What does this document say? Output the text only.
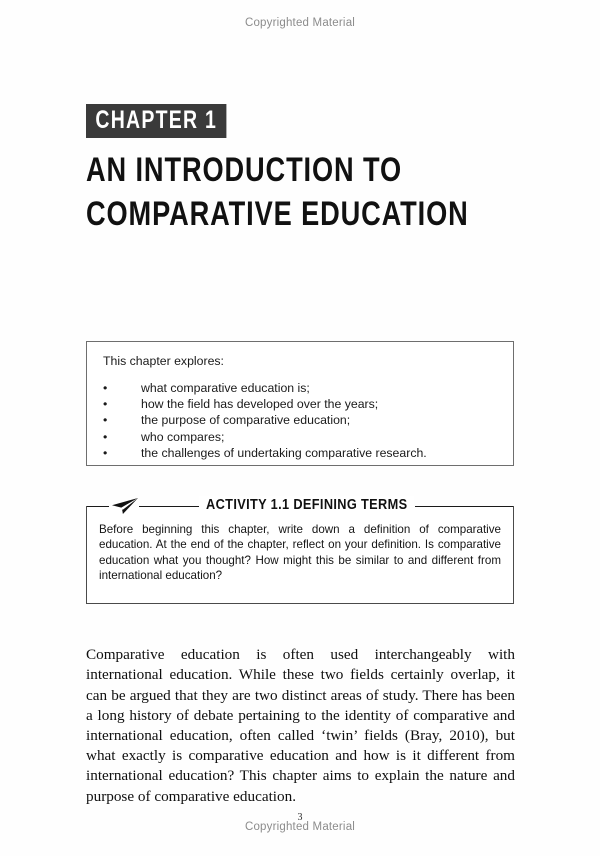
Copyrighted Material
CHAPTER 1
AN INTRODUCTION TO
COMPARATIVE EDUCATION
This chapter explores:
•	what comparative education is;
•	how the field has developed over the years;
•	the purpose of comparative education;
•	who compares;
•	the challenges of undertaking comparative research.
ACTIVITY 1.1 DEFINING TERMS
Before beginning this chapter, write down a definition of comparative education. At the end of the chapter, reflect on your definition. Is comparative education what you thought? How might this be similar to and different from international education?

Comparative education is often used interchangeably with international education. While these two fields certainly overlap, it can be argued that they are two distinct areas of study. There has been a long history of debate pertaining to the identity of comparative and international education, often called ‘twin’ fields (Bray, 2010), but what exactly is comparative education and how is it different from international education? This chapter aims to explain the nature and purpose of comparative education.

3
Copyrighted Material
